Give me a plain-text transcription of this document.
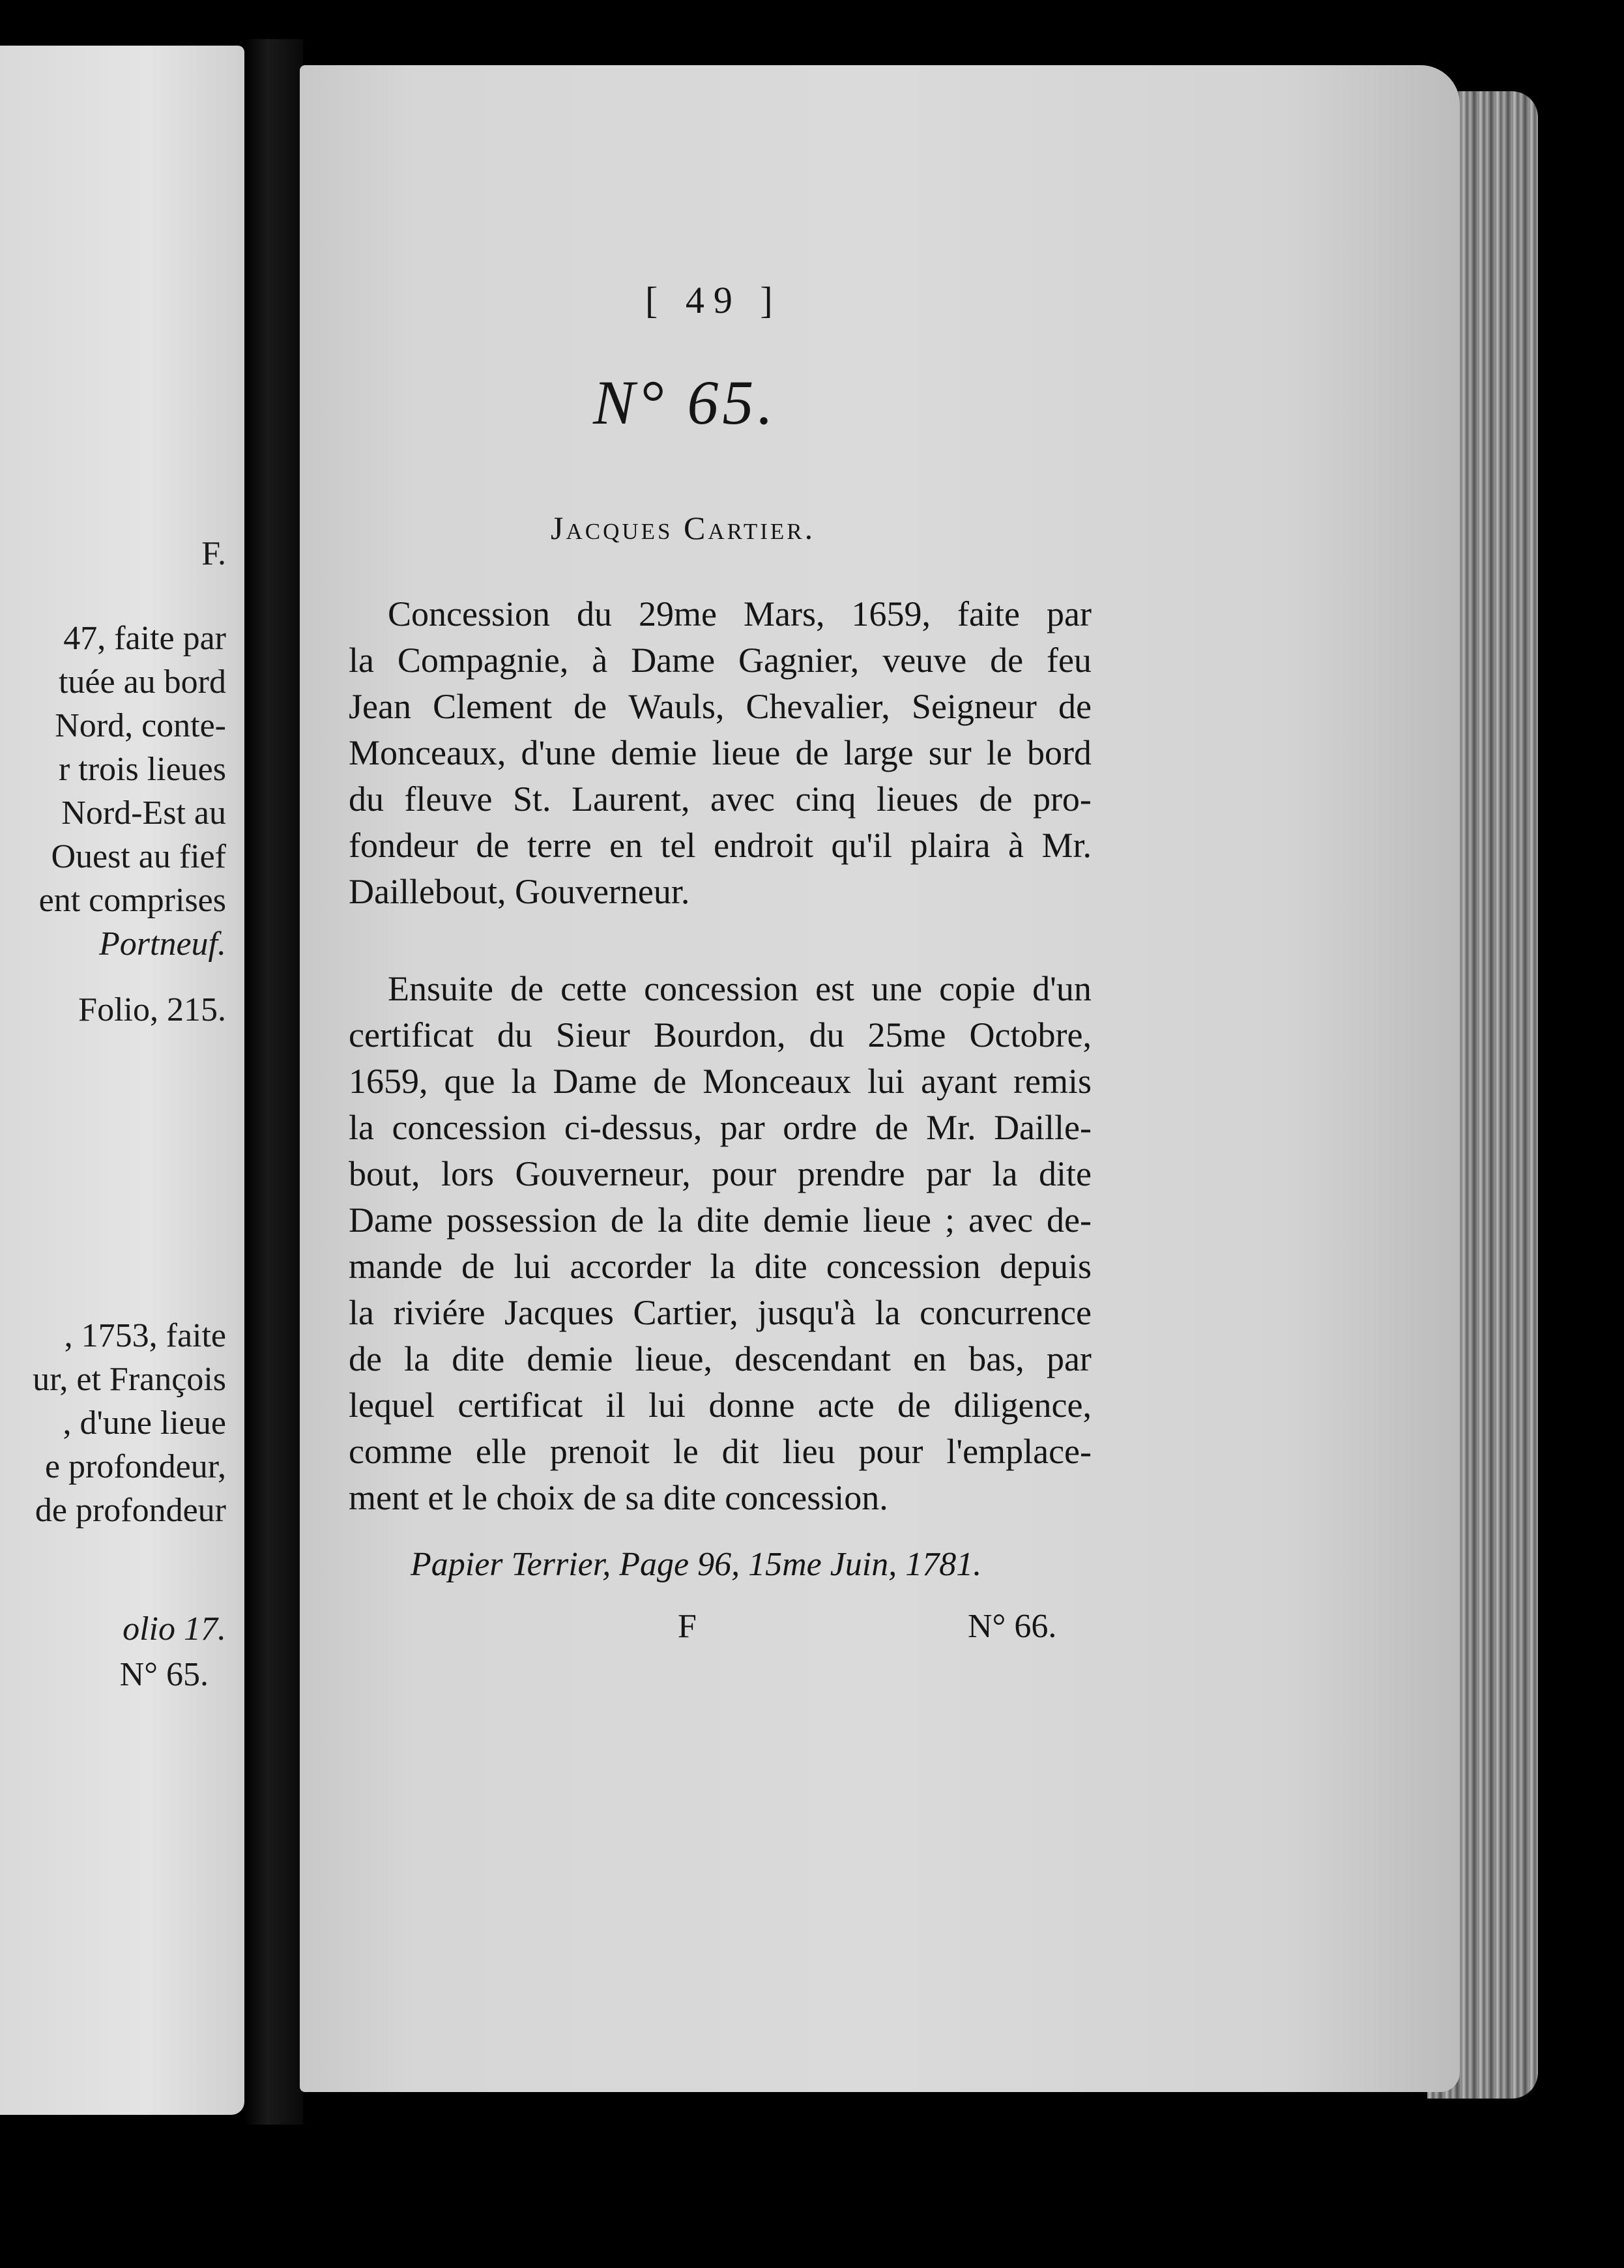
F.
47, faite par
tuée au bord
Nord, conte-
r trois lieues
Nord-Est au
Ouest au fief
ent comprises
Portneuf.
Folio, 215.
, 1753, faite
ur, et François
, d'une lieue
e profondeur,
de profondeur
olio 17.
N° 65.
[ 49 ]
N° 65.
Jacques Cartier.
Concession du 29me Mars, 1659, faite par
la Compagnie, à Dame Gagnier, veuve de feu
Jean Clement de Wauls, Chevalier, Seigneur de
Monceaux, d'une demie lieue de large sur le bord
du fleuve St. Laurent, avec cinq lieues de pro-
fondeur de terre en tel endroit qu'il plaira à Mr.
Daillebout, Gouverneur.
Ensuite de cette concession est une copie d'un
certificat du Sieur Bourdon, du 25me Octobre,
1659, que la Dame de Monceaux lui ayant remis
la concession ci-dessus, par ordre de Mr. Daille-
bout, lors Gouverneur, pour prendre par la dite
Dame possession de la dite demie lieue ; avec de-
mande de lui accorder la dite concession depuis
la riviére Jacques Cartier, jusqu'à la concurrence
de la dite demie lieue, descendant en bas, par
lequel certificat il lui donne acte de diligence,
comme elle prenoit le dit lieu pour l'emplace-
ment et le choix de sa dite concession.
Papier Terrier, Page 96, 15me Juin, 1781.
F	N° 66.
